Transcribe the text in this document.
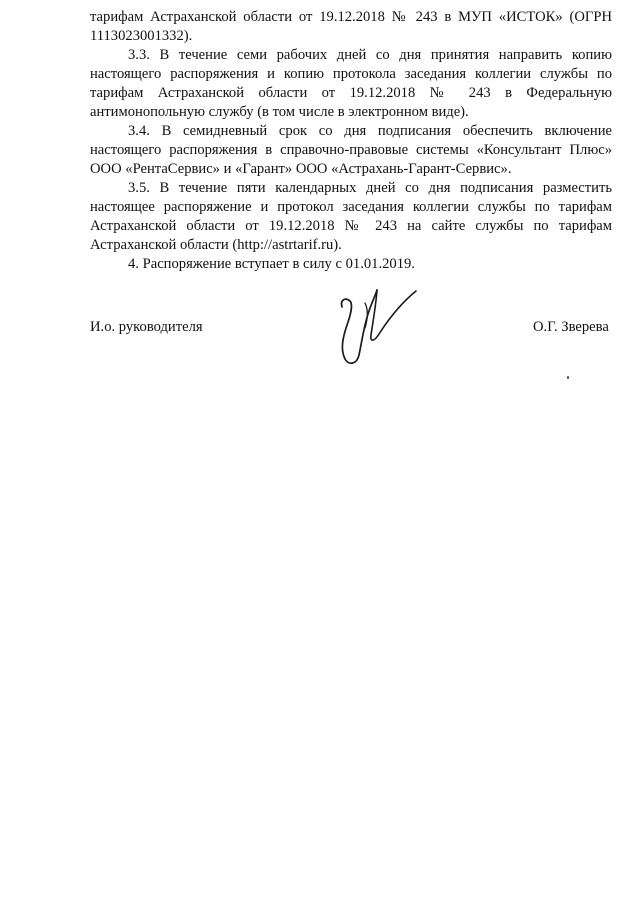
тарифам Астраханской области от 19.12.2018 № 243 в МУП «ИСТОК» (ОГРН 1113023001332).

3.3. В течение семи рабочих дней со дня принятия направить копию настоящего распоряжения и копию протокола заседания коллегии службы по тарифам Астраханской области от 19.12.2018 № 243 в Федеральную антимонопольную службу (в том числе в электронном виде).

3.4. В семидневный срок со дня подписания обеспечить включение настоящего распоряжения в справочно-правовые системы «Консультант Плюс» ООО «РентаСервис» и «Гарант» ООО «Астрахань-Гарант-Сервис».

3.5. В течение пяти календарных дней со дня подписания разместить настоящее распоряжение и протокол заседания коллегии службы по тарифам Астраханской области от 19.12.2018 № 243 на сайте службы по тарифам Астраханской области (http://astrtarif.ru).

4. Распоряжение вступает в силу с 01.01.2019.

И.о. руководителя	О.Г. Зверева
